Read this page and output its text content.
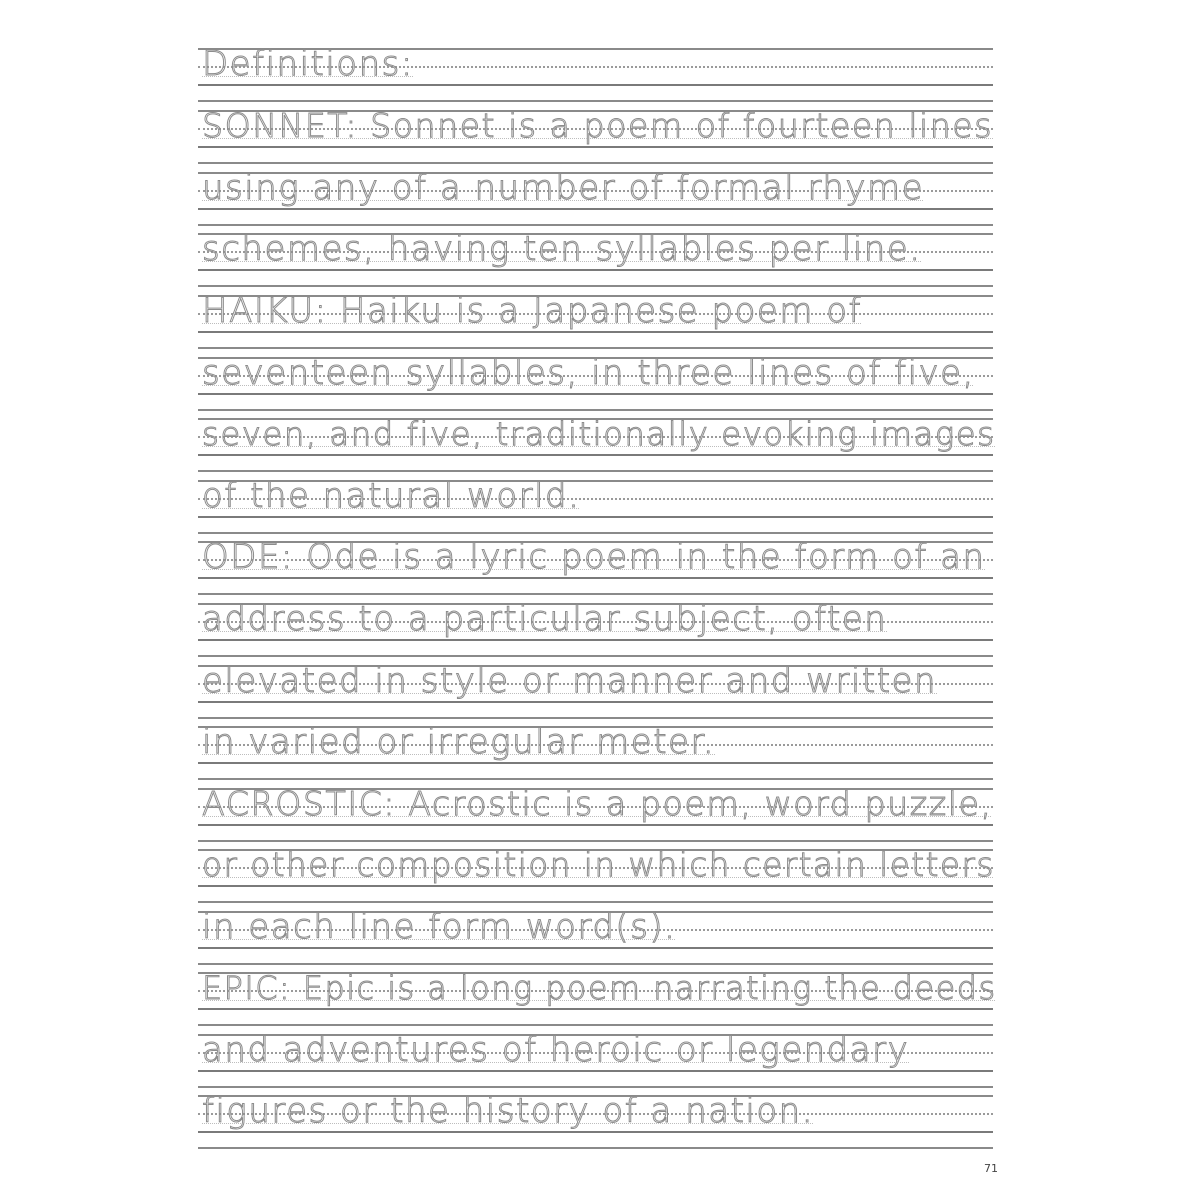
Definitions:
SONNET: Sonnet is a poem of fourteen lines
using any of a number of formal rhyme
schemes, having ten syllables per line.
HAIKU: Haiku is a Japanese poem of
seventeen syllables, in three lines of five,
seven, and five, traditionally evoking images
of the natural world.
ODE: Ode is a lyric poem in the form of an
address to a particular subject, often
elevated in style or manner and written
in varied or irregular meter.
ACROSTIC: Acrostic is a poem, word puzzle,
or other composition in which certain letters
in each line form word(s).
EPIC: Epic is a long poem narrating the deeds
and adventures of heroic or legendary
figures or the history of a nation.
71
